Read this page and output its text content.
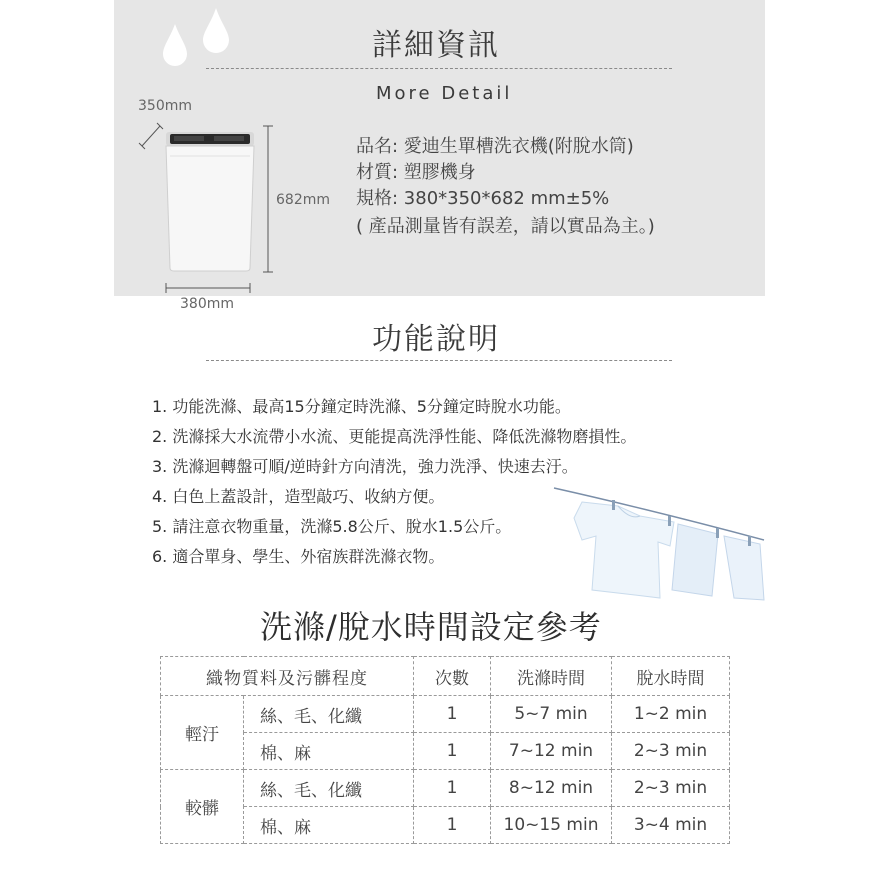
詳細資訊
More Detail
350mm
682mm
380mm
品名: 愛迪生單槽洗衣機(附脫水筒)
材質: 塑膠機身
規格: 380*350*682 mm±5%
( 產品測量皆有誤差，請以實品為主。)
功能說明
1. 功能洗滌、最高15分鐘定時洗滌、5分鐘定時脫水功能。
2. 洗滌採大水流帶小水流、更能提高洗淨性能、降低洗滌物磨損性。
3. 洗滌迴轉盤可順/逆時針方向清洗，強力洗淨、快速去汙。
4. 白色上蓋設計，造型敲巧、收納方便。
5. 請注意衣物重量，洗滌5.8公斤、脫水1.5公斤。
6. 適合單身、學生、外宿族群洗滌衣物。
洗滌/脫水時間設定參考
織物質料及污髒程度		次數	洗滌時間	脫水時間
輕汙	絲、毛、化纖	1	5~7 min	1~2 min
	棉、麻	1	7~12 min	2~3 min
較髒	絲、毛、化纖	1	8~12 min	2~3 min
	棉、麻	1	10~15 min	3~4 min
